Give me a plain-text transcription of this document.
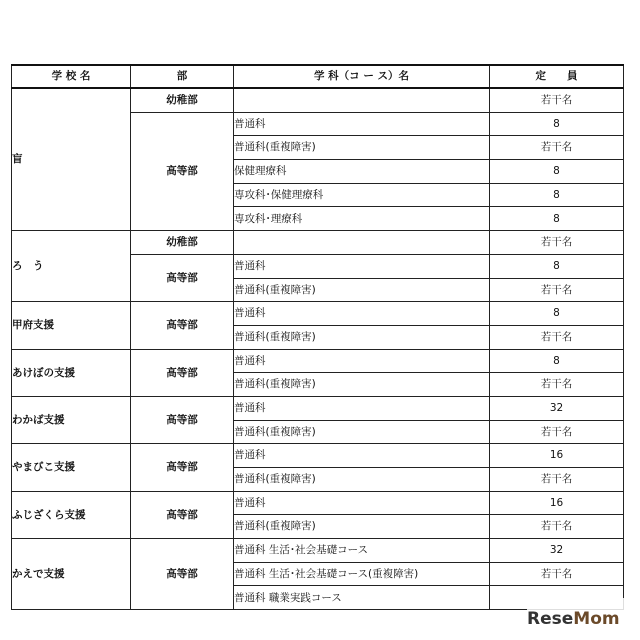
学 校 名	部	学 科（コ ー ス）名	定　　員
盲	幼稚部		若干名
	高等部	普通科	8
		普通科(重複障害)	若干名
		保健理療科	8
		専攻科･保健理療科	8
		専攻科･理療科	8
ろ　う	幼稚部		若干名
	高等部	普通科	8
		普通科(重複障害)	若干名
甲府支援	高等部	普通科	8
		普通科(重複障害)	若干名
あけぼの支援	高等部	普通科	8
		普通科(重複障害)	若干名
わかば支援	高等部	普通科	32
		普通科(重複障害)	若干名
やまびこ支援	高等部	普通科	16
		普通科(重複障害)	若干名
ふじざくら支援	高等部	普通科	16
		普通科(重複障害)	若干名
かえで支援	高等部	普通科 生活･社会基礎コース	32
		普通科 生活･社会基礎コース(重複障害)	若干名
		普通科 職業実践コース	
ReseMom
